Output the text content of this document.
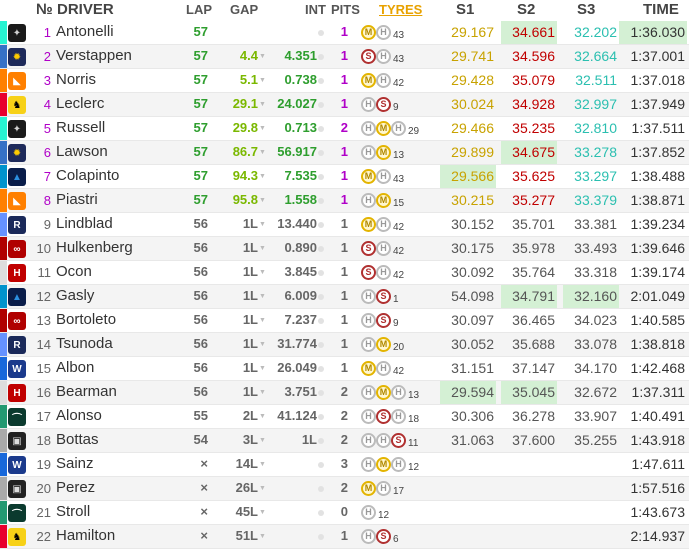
№ DRIVER	LAP GAP	INT PITS TYRES S1	S2	S3	TIME
✦	1 Antonelli	57	1	M H 43	29.167	34.661	32.202 1:36.030
✹	2 Verstappen	57	4.4 ▼	4.351	1	S H 43	29.741	34.596	32.664 1:37.001
◣	3 Norris	57	5.1 ▼	0.738	1	M H 42	29.428	35.079	32.511 1:37.018
♞	4 Leclerc	57	29.1 ▼ 24.027	1	H S 9	30.024	34.928	32.997 1:37.949
✦	5 Russell	57	29.8 ▼	0.713	2	H M H 29	29.466	35.235	32.810	1:37.511
✹	6 Lawson	57	86.7 ▼ 56.917	1	H M 13	29.899	34.675	33.278 1:37.852
▲	7 Colapinto	57	94.3 ▼	7.535	1	M H 43	29.566	35.625	33.297 1:38.488
◣	8 Piastri	57	95.8 ▼	1.558	1	H M 15	30.215	35.277	33.379 1:38.871
R	9 Lindblad	56	1L ▼ 13.440	1	M H 42	30.152	35.701	33.381 1:39.234
∞	10 Hulkenberg	56	1L ▼	0.890	1	S H 42	30.175	35.978	33.493 1:39.646
H	11 Ocon	56	1L ▼	3.845	1	S H 42	30.092	35.764	33.318 1:39.174
▲	12 Gasly	56	1L ▼	6.009	1	H S 1	54.098	34.791	32.160 2:01.049
∞	13 Bortoleto	56	1L ▼	7.237	1	H S 9	30.097	36.465	34.023 1:40.585
R	14 Tsunoda	56	1L ▼ 31.774	1	H M 20	30.052	35.688	33.078 1:38.818
W	15 Albon	56	1L ▼ 26.049	1	M H 42	31.151	37.147	34.170 1:42.468
H	16 Bearman	56	1L ▼	3.751	2	H M H 13	29.594	35.045	32.672	1:37.311
⌒	17 Alonso	55	2L ▼ 41.124	2	H S H 18	30.306	36.278	33.907 1:40.491
▣	18 Bottas	54	3L ▼	1L	2	H H S 11	31.063	37.600	35.255 1:43.918
W	19 Sainz	×	14L ▼	3	H M H 12	1:47.611
▣	20 Perez	×	26L ▼	2	M H 17	1:57.516
⌒	21 Stroll	×	45L ▼	0	H 12	1:43.673
♞	22 Hamilton	×	51L ▼	1	H S 6	2:14.937
